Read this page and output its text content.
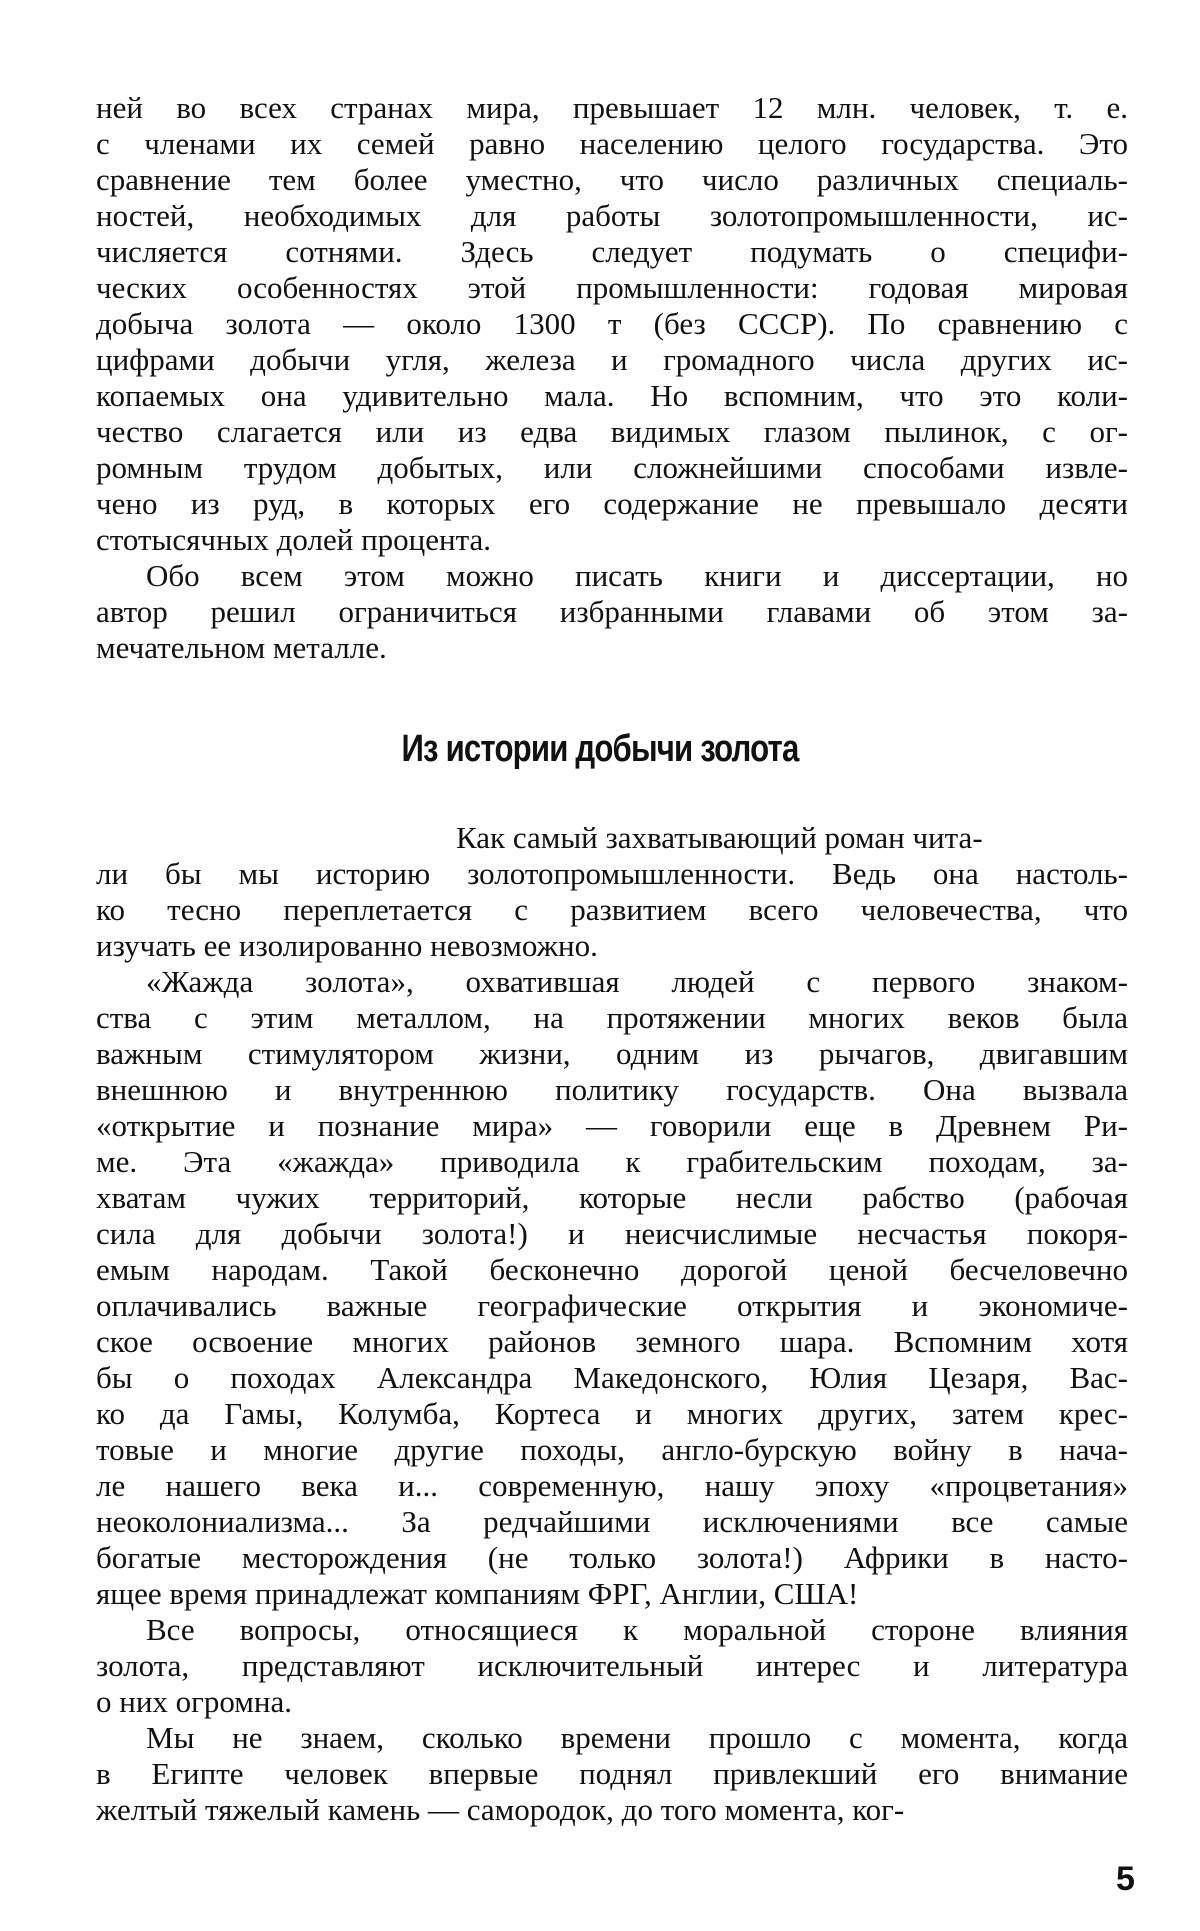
ней во всех странах мира, превышает 12 млн. человек, т. е.
с членами их семей равно населению целого государства. Это
сравнение тем более уместно, что число различных специаль-
ностей, необходимых для работы золотопромышленности, ис-
числяется сотнями. Здесь следует подумать о специфи-
ческих особенностях этой промышленности: годовая мировая
добыча золота — около 1300 т (без СССР). По сравнению с
цифрами добычи угля, железа и громадного числа других ис-
копаемых она удивительно мала. Но вспомним, что это коли-
чество слагается или из едва видимых глазом пылинок, с ог-
ромным трудом добытых, или сложнейшими способами извле-
чено из руд, в которых его содержание не превышало десяти
стотысячных долей процента.
Обо всем этом можно писать книги и диссертации, но
автор решил ограничиться избранными главами об этом за-
мечательном металле.
Из истории добычи золота
Как самый захватывающий роман чита-
ли бы мы историю золотопромышленности. Ведь она настоль-
ко тесно переплетается с развитием всего человечества, что
изучать ее изолированно невозможно.
«Жажда золота», охватившая людей с первого знаком-
ства с этим металлом, на протяжении многих веков была
важным стимулятором жизни, одним из рычагов, двигавшим
внешнюю и внутреннюю политику государств. Она вызвала
«открытие и познание мира» — говорили еще в Древнем Ри-
ме. Эта «жажда» приводила к грабительским походам, за-
хватам чужих территорий, которые несли рабство (рабочая
сила для добычи золота!) и неисчислимые несчастья покоря-
емым народам. Такой бесконечно дорогой ценой бесчеловечно
оплачивались важные географические открытия и экономиче-
ское освоение многих районов земного шара. Вспомним хотя
бы о походах Александра Македонского, Юлия Цезаря, Вас-
ко да Гамы, Колумба, Кортеса и многих других, затем крес-
товые и многие другие походы, англо-бурскую войну в нача-
ле нашего века и... современную, нашу эпоху «процветания»
неоколониализма... За редчайшими исключениями все самые
богатые месторождения (не только золота!) Африки в насто-
ящее время принадлежат компаниям ФРГ, Англии, США!
Все вопросы, относящиеся к моральной стороне влияния
золота, представляют исключительный интерес и литература
о них огромна.
Мы не знаем, сколько времени прошло с момента, когда
в Египте человек впервые поднял привлекший его внимание
желтый тяжелый камень — самородок, до того момента, ког-
5
